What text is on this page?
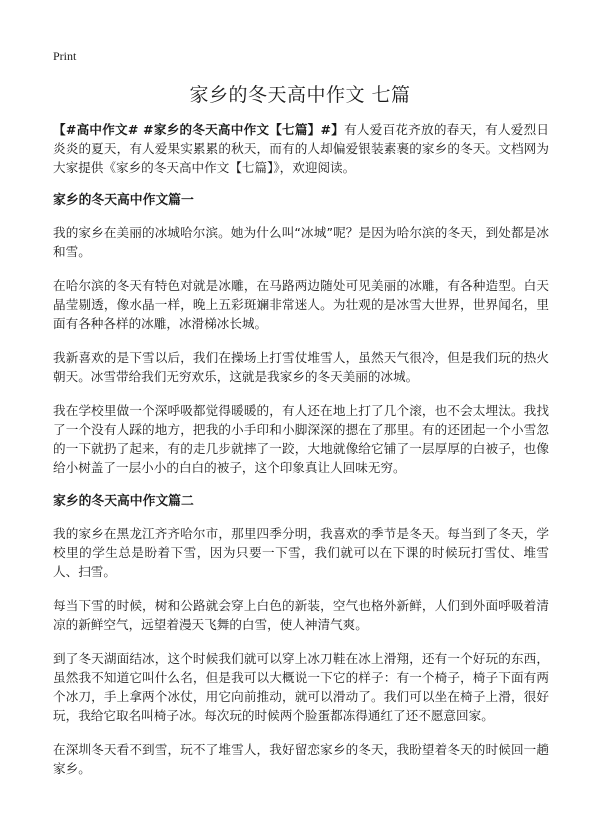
Print
家乡的冬天高中作文 七篇

【#高中作文# #家乡的冬天高中作文【七篇】#】有人爱百花齐放的春天，有人爱烈日炎炎的夏天，有人爱果实累累的秋天，而有的人却偏爱银装素裹的家乡的冬天。文档网为大家提供《家乡的冬天高中作文【七篇】》，欢迎阅读。

家乡的冬天高中作文篇一

我的家乡在美丽的冰城哈尔滨。她为什么叫“冰城”呢？是因为哈尔滨的冬天，到处都是冰和雪。

在哈尔滨的冬天有特色对就是冰雕，在马路两边随处可见美丽的冰雕，有各种造型。白天晶莹剔透，像水晶一样，晚上五彩斑斓非常迷人。为壮观的是冰雪大世界，世界闻名，里面有各种各样的冰雕，冰滑梯冰长城。

我新喜欢的是下雪以后，我们在操场上打雪仗堆雪人，虽然天气很冷，但是我们玩的热火朝天。冰雪带给我们无穷欢乐，这就是我家乡的冬天美丽的冰城。

我在学校里做一个深呼吸都觉得暖暖的，有人还在地上打了几个滚，也不会太埋汰。我找了一个没有人踩的地方，把我的小手印和小脚深深的摁在了那里。有的还团起一个小雪忽的一下就扔了起来，有的走几步就摔了一跤，大地就像给它铺了一层厚厚的白被子，也像给小树盖了一层小小的白白的被子，这个印象真让人回味无穷。

家乡的冬天高中作文篇二

我的家乡在黑龙江齐齐哈尔市，那里四季分明，我喜欢的季节是冬天。每当到了冬天，学校里的学生总是盼着下雪，因为只要一下雪，我们就可以在下课的时候玩打雪仗、堆雪人、扫雪。

每当下雪的时候，树和公路就会穿上白色的新装，空气也格外新鲜，人们到外面呼吸着清凉的新鲜空气，远望着漫天飞舞的白雪，使人神清气爽。

到了冬天湖面结冰，这个时候我们就可以穿上冰刀鞋在冰上滑翔，还有一个好玩的东西，虽然我不知道它叫什么名，但是我可以大概说一下它的样子：有一个椅子，椅子下面有两个冰刀，手上拿两个冰仗，用它向前推动，就可以滑动了。我们可以坐在椅子上滑，很好玩，我给它取名叫椅子冰。每次玩的时候两个脸蛋都冻得通红了还不愿意回家。

在深圳冬天看不到雪，玩不了堆雪人，我好留恋家乡的冬天，我盼望着冬天的时候回一趟家乡。
